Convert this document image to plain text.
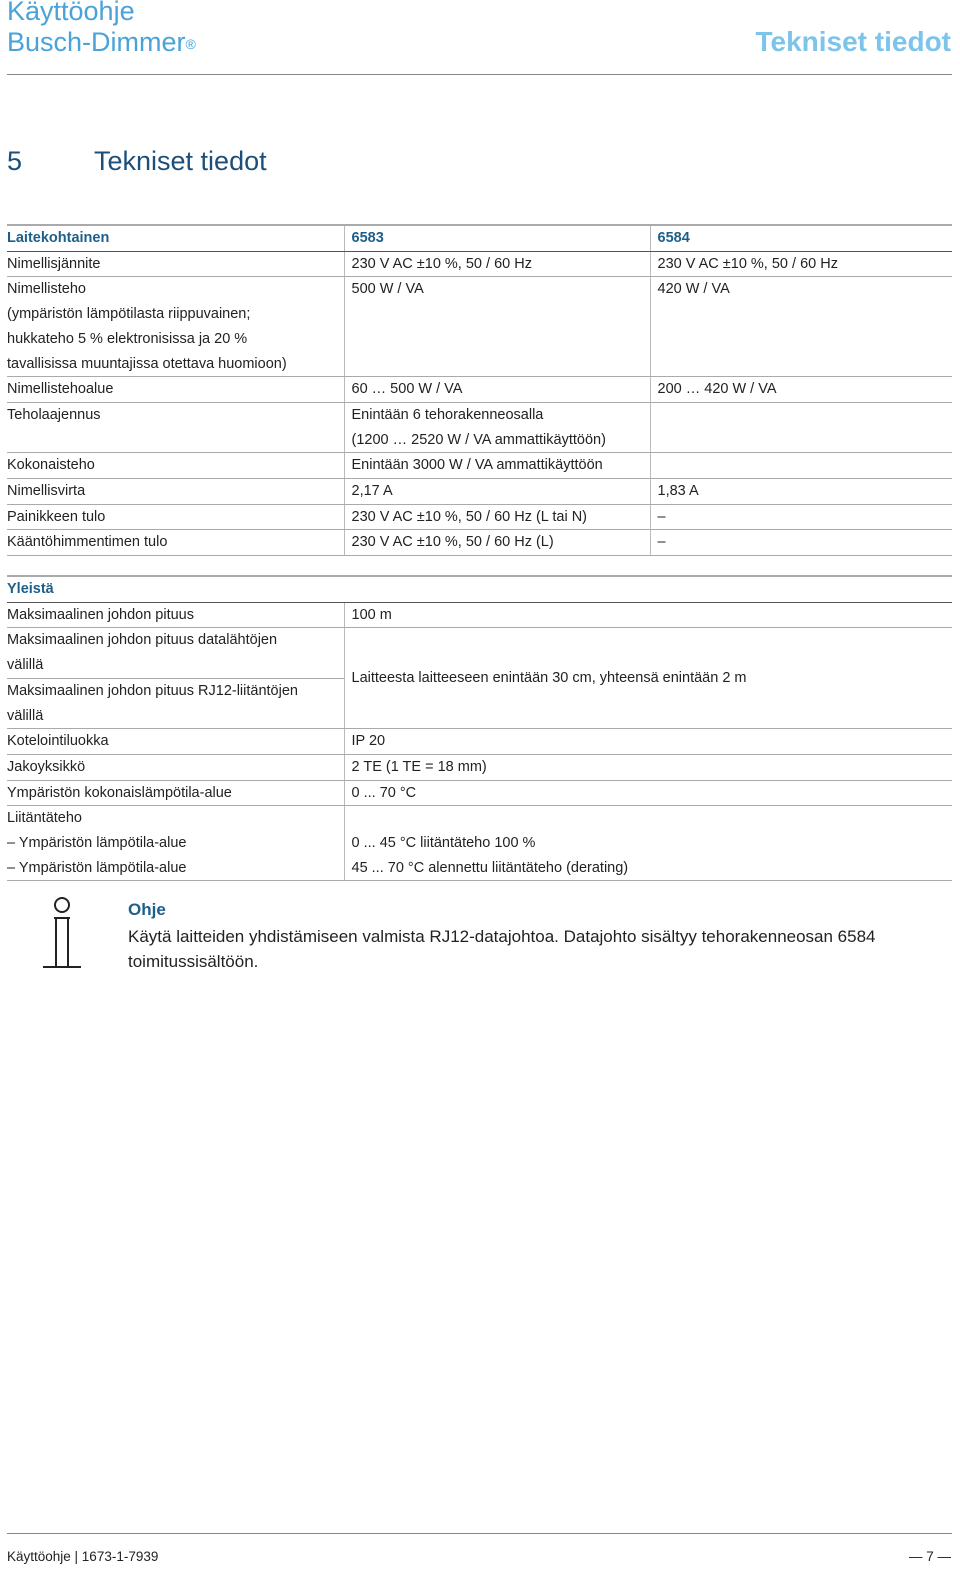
Käyttöohje
Busch-Dimmer®	Tekniset tiedot
5	Tekniset tiedot
Laitekohtainen	6583	6584
Nimellisjännite	230 V AC ±10 %, 50 / 60 Hz	230 V AC ±10 %, 50 / 60 Hz
Nimellisteho	500 W / VA	420 W / VA
(ympäristön lämpötilasta riippuvainen;		
hukkateho 5 % elektronisissa ja 20 %		
tavallisissa muuntajissa otettava huomioon)		
Nimellistehoalue	60 … 500 W / VA	200 … 420 W / VA
Teholaajennus	Enintään 6 tehorakenneosalla	
	(1200 … 2520 W / VA ammattikäyttöön)	
Kokonaisteho	Enintään 3000 W / VA ammattikäyttöön	
Nimellisvirta	2,17 A	1,83 A
Painikkeen tulo	230 V AC ±10 %, 50 / 60 Hz (L tai N)	–
Kääntöhimmentimen tulo	230 V AC ±10 %, 50 / 60 Hz (L)	–
Yleistä	
Maksimaalinen johdon pituus	100 m
Maksimaalinen johdon pituus datalähtöjen	Laitteesta laitteeseen enintään 30 cm, yhteensä enintään 2 m
välillä	
Maksimaalinen johdon pituus RJ12-liitäntöjen	
välillä	
Kotelointiluokka	IP 20
Jakoyksikkö	2 TE (1 TE = 18 mm)
Ympäristön kokonaislämpötila-alue	0 ... 70 °C
Liitäntäteho	
– Ympäristön lämpötila-alue	0 ... 45 °C liitäntäteho 100 %
– Ympäristön lämpötila-alue	45 ... 70 °C alennettu liitäntäteho (derating)
Ohje
Käytä laitteiden yhdistämiseen valmista RJ12-datajohtoa. Datajohto sisältyy tehorakenneosan 6584 toimitussisältöön.
Käyttöohje | 1673-1-7939	— 7 —
